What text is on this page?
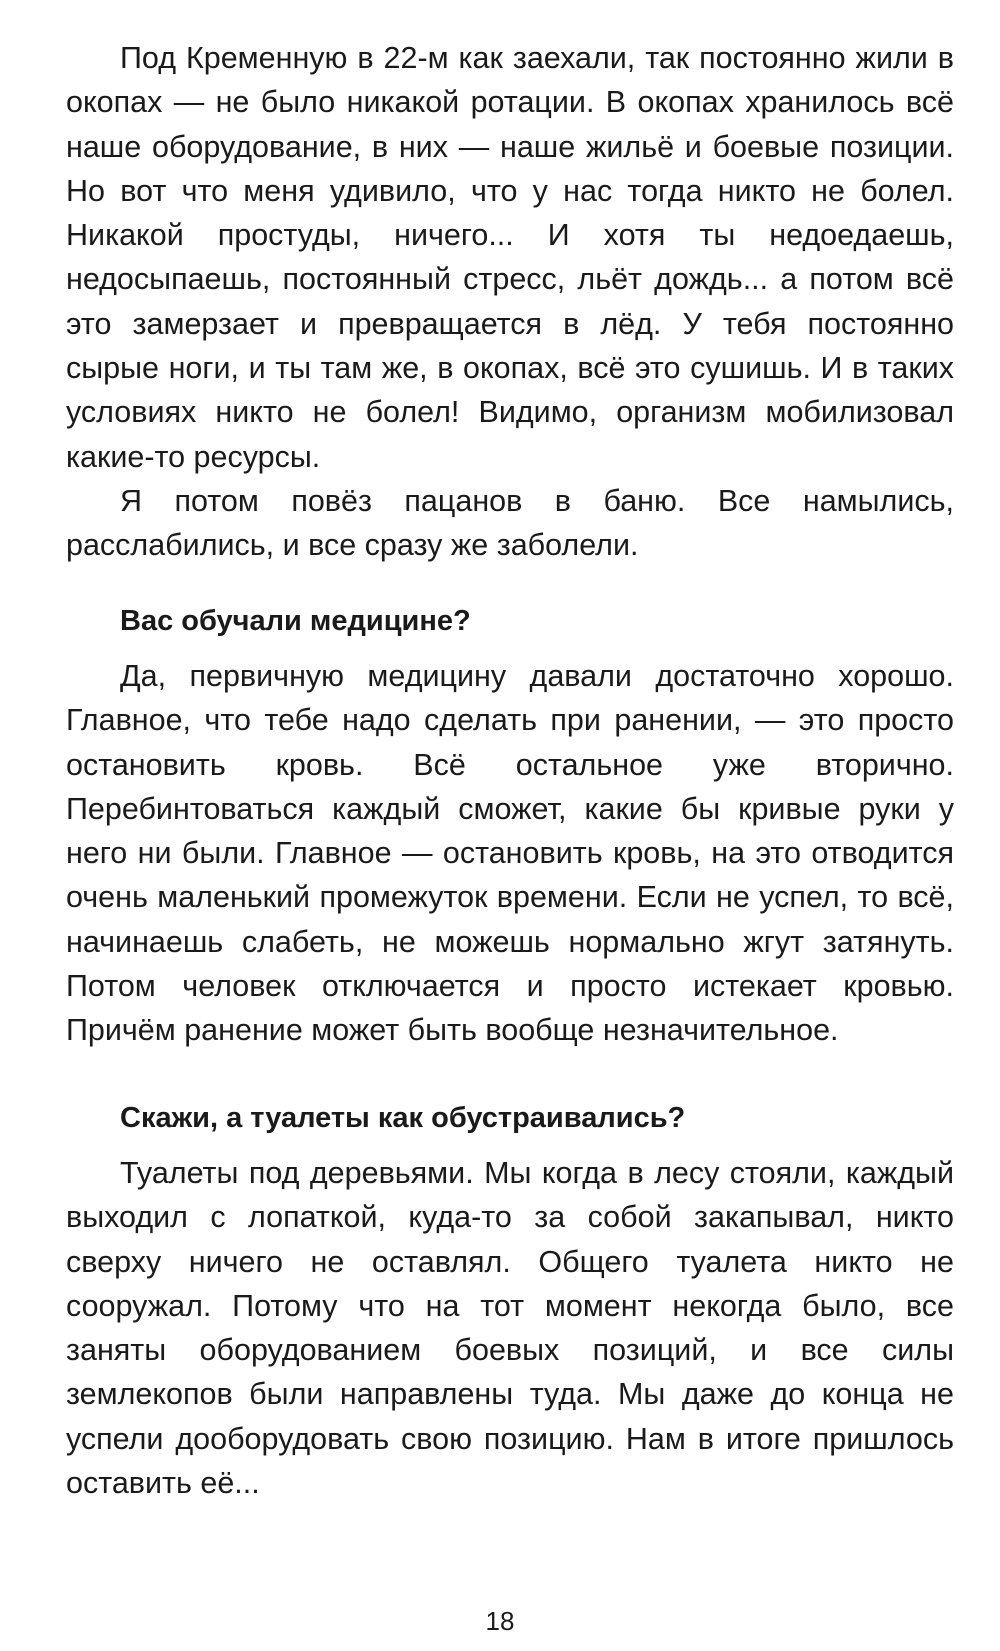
Под Кременную в 22-м как заехали, так постоянно жили в окопах — не было никакой ротации. В окопах хранилось всё наше оборудование, в них — наше жильё и боевые позиции. Но вот что меня удивило, что у нас тогда никто не болел. Никакой простуды, ничего... И хотя ты недоедаешь, недосыпаешь, постоянный стресс, льёт дождь... а потом всё это замерзает и превращается в лёд. У тебя постоянно сырые ноги, и ты там же, в окопах, всё это сушишь. И в таких условиях никто не болел! Видимо, организм мобилизовал какие-то ресурсы.

Я потом повёз пацанов в баню. Все намылись, расслабились, и все сразу же заболели.

Вас обучали медицине?

Да, первичную медицину давали достаточно хорошо. Главное, что тебе надо сделать при ранении, — это просто остановить кровь. Всё остальное уже вторично. Перебинтоваться каждый сможет, какие бы кривые руки у него ни были. Главное — остановить кровь, на это отводится очень маленький промежуток времени. Если не успел, то всё, начинаешь слабеть, не можешь нормально жгут затянуть. Потом человек отключается и просто истекает кровью. Причём ранение может быть вообще незначительное.

Скажи, а туалеты как обустраивались?

Туалеты под деревьями. Мы когда в лесу стояли, каждый выходил с лопаткой, куда-то за собой закапывал, никто сверху ничего не оставлял. Общего туалета никто не сооружал. Потому что на тот момент некогда было, все заняты оборудованием боевых позиций, и все силы землекопов были направлены туда. Мы даже до конца не успели дооборудовать свою позицию. Нам в итоге пришлось оставить её...

18
